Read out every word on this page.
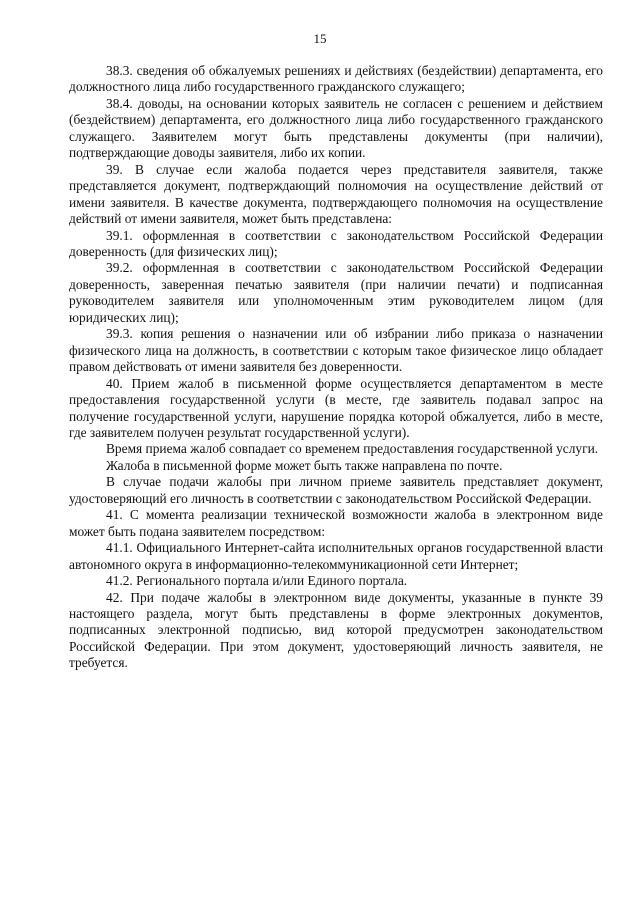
15

38.3. сведения об обжалуемых решениях и действиях (бездействии) департамента, его должностного лица либо государственного гражданского служащего;

38.4. доводы, на основании которых заявитель не согласен с решением и действием (бездействием) департамента, его должностного лица либо государственного гражданского служащего. Заявителем могут быть представлены документы (при наличии), подтверждающие доводы заявителя, либо их копии.

39. В случае если жалоба подается через представителя заявителя, также представляется документ, подтверждающий полномочия на осуществление действий от имени заявителя. В качестве документа, подтверждающего полномочия на осуществление действий от имени заявителя, может быть представлена:

39.1. оформленная в соответствии с законодательством Российской Федерации доверенность (для физических лиц);

39.2. оформленная в соответствии с законодательством Российской Федерации доверенность, заверенная печатью заявителя (при наличии печати) и подписанная руководителем заявителя или уполномоченным этим руководителем лицом (для юридических лиц);

39.3. копия решения о назначении или об избрании либо приказа о назначении физического лица на должность, в соответствии с которым такое физическое лицо обладает правом действовать от имени заявителя без доверенности.

40. Прием жалоб в письменной форме осуществляется департаментом в месте предоставления государственной услуги (в месте, где заявитель подавал запрос на получение государственной услуги, нарушение порядка которой обжалуется, либо в месте, где заявителем получен результат государственной услуги).

Время приема жалоб совпадает со временем предоставления государственной услуги.

Жалоба в письменной форме может быть также направлена по почте.

В случае подачи жалобы при личном приеме заявитель представляет документ, удостоверяющий его личность в соответствии с законодательством Российской Федерации.

41. С момента реализации технической возможности жалоба в электронном виде может быть подана заявителем посредством:

41.1. Официального Интернет-сайта исполнительных органов государственной власти автономного округа в информационно-телекоммуникационной сети Интернет;

41.2. Регионального портала и/или Единого портала.

42. При подаче жалобы в электронном виде документы, указанные в пункте 39 настоящего раздела, могут быть представлены в форме электронных документов, подписанных электронной подписью, вид которой предусмотрен законодательством Российской Федерации. При этом документ, удостоверяющий личность заявителя, не требуется.
